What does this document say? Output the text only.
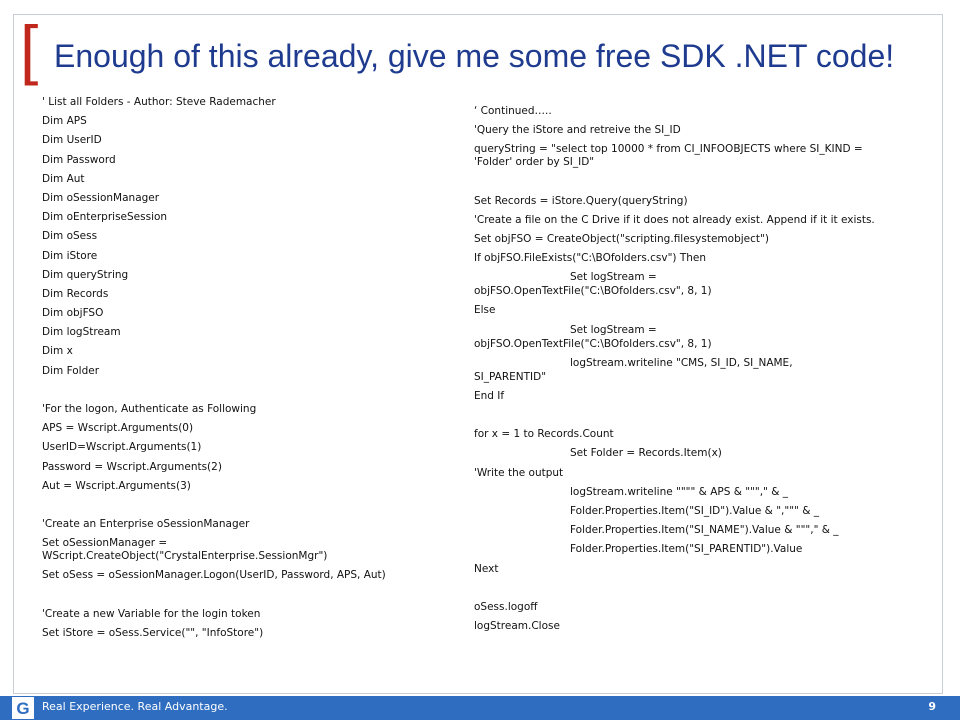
[ Enough of this already, give me some free SDK .NET code!
' List all Folders - Author: Steve Rademacher
Dim APS
Dim UserID
Dim Password
Dim Aut
Dim oSessionManager
Dim oEnterpriseSession
Dim oSess
Dim iStore
Dim queryString
Dim Records
Dim objFSO
Dim logStream
Dim x
Dim Folder
'For the logon, Authenticate as Following
APS = Wscript.Arguments(0)
UserID=Wscript.Arguments(1)
Password = Wscript.Arguments(2)
Aut = Wscript.Arguments(3)
'Create an Enterprise oSessionManager
Set oSessionManager = WScript.CreateObject("CrystalEnterprise.SessionMgr")
Set oSess = oSessionManager.Logon(UserID, Password, APS, Aut)
'Create a new Variable for the login token
Set iStore = oSess.Service("", "InfoStore")
‘ Continued…..
'Query the iStore and retreive the SI_ID
queryString = "select top 10000 * from CI_INFOOBJECTS where SI_KIND = 'Folder' order by SI_ID"
Set Records = iStore.Query(queryString)
'Create a file on the C Drive if it does not already exist. Append if it it exists.
Set objFSO = CreateObject("scripting.filesystemobject")
If objFSO.FileExists("C:\BOfolders.csv") Then
Set logStream =
objFSO.OpenTextFile("C:\BOfolders.csv", 8, 1)
Else
Set logStream =
objFSO.OpenTextFile("C:\BOfolders.csv", 8, 1)
logStream.writeline "CMS, SI_ID, SI_NAME,
SI_PARENTID"
End If
for x = 1 to Records.Count
Set Folder = Records.Item(x)
'Write the output
logStream.writeline """" & APS & """," & _
Folder.Properties.Item("SI_ID").Value & ",""" & _
Folder.Properties.Item("SI_NAME").Value & """," & _
Folder.Properties.Item("SI_PARENTID").Value
Next
oSess.logoff
logStream.Close
G Real Experience. Real Advantage.	9
